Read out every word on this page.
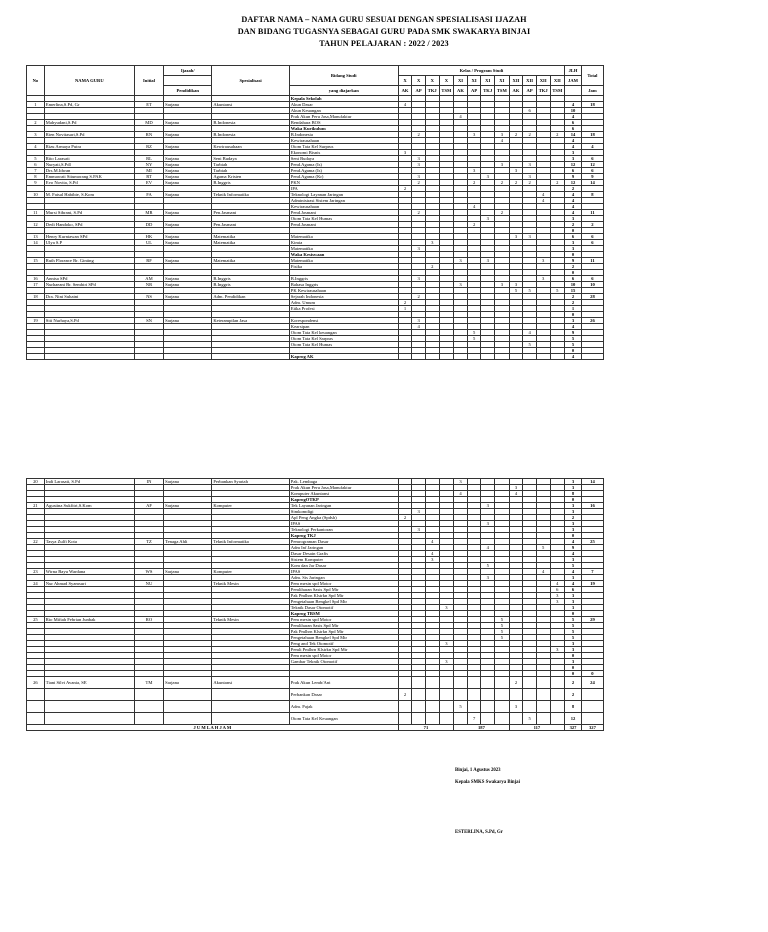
DAFTAR NAMA – NAMA GURU SESUAI DENGAN SPESIALISASI IJAZAH
DAN BIDANG TUGASNYA SEBAGAI GURU PADA SMK SWAKARYA BINJAI
TAHUN PELAJARAN : 2022 / 2023
No	NAMA GURU	Initial	Ijazah/	Spesialisasi	Bidang Studi	Kelas / Program Studi												JLH	Total
						X	X	X	X	XI	XI	XI	XI	XII	XII	XII	XII	JAM	
			Pendidikan		yang diajarkan	AK	AP	TKJ	TSM	AK	AP	TKJ	TSM	AK	AP	TKJ	TSM		Jam
					Kepala Sekolah														
1	Emerlina,S.Pd, Gr	ET	Sarjana	Akuntansi	Akun Dasar	4												4	18
					Akun Keuangan										6			10	
					Prak Akun Peru Jasa,Manufaktur					4								4	
2	Mahyudani,S.Pd	MD	Sarjana	B.Indonesia	Bendahara BOS													6	
					Waka Kurikulum													6	
3	Rien Novitasari,S.Pd	RN	Sarjana	B.Indonesia	B.Indonesia		2				3		3	2	2		2	14	18
					Kewirausahaan								4					4	
4	Rizu Armaya Putra	RZ	Sarjana	Kewirausahaan	Otom Tata Kel Surprus													4	4
					Ekonomi Bisnis	3												3	
5	Rito Larasati	RL	Sarjana	Seni Budaya	Seni Budaya		3											3	6
6	Nuryati,S.Pdl	NY	Sarjana	Tarbiah	Pend.Agama (Is)		3						3		3			12	12
7	Drs.M.Idwan	MI	Sarjana	Tarbiah	Pend.Agama (Is)						3			3				6	6
8	Emmawati Situmorang S.PAK	RT	Sarjana	Agama Kristen	Pend.Agama (Kr)		3					3			3			9	9
9	Evo Novita, S.Pd	EV	Sarjana	B.Inggris	PKN		2				2		2	2	2		2	12	14
					IPA	2												2	
10	M. Faisal Habibie, S.Kom	FA	Sarjana	Teknik Informatika	Teknologi Layanan Jaringan											4		4	8
					Administrasi Sistem Jaringan											4		4	
					Kewirausahaan						4							4	
11	Mursi Sibrani, S.Pd	MR	Sarjana	Pen.Jasmani	Pend.Jasmani		2						2					4	11
					Otom Tata Kel Humas							3						3	
12	Dedi Handoko, SPd	DD	Sarjana	Pen.Jasmani	Pend.Jasmani						2							2	2
																		0	
13	Henry Kurniawan SPd	HK	Sarjana	Matematika	Matematika									3	3			6	6
14	Ulya S.P	UL	Sarjana	Matematika	Kimia			3										3	6
					Matematika		3											3	
					Waka Kesiswaan													0	
15	Ruth Florance Br. Ginting	RF	Sarjana	Matematika	Matematika					3		3				3		9	11
					Fisika			2										2	
																		0	
16	Annisa SPd	AM	Sarjana	B.Inggris	B.Inggris		3									3		6	6
17	Nurhaeani Br. Sembiri SPd	NR	Sarjana	B.Inggris	Bahasa Inggris					3			3	3				10	10
					PK Kewirausahaan									5	5		5	15	
18	Dra. Nini Suhaini	NS	Sarjana	Adm. Pendidikan	Sejarah Indonesia		2											2	28
					Adm. Umum	2												2	
					Etika Profesi	1												1	
																		0	
19	Siti Nurhaya,S.Pd	SN	Sarjana	Keterampilan Jasa	Korespondensi		3											3	26
					Kearsipan		4											4	
					Otom Tata Kel keuangan						5				4			9	
					Otom Tata Kel Sarpras						5							5	
					Otom Tata Kel Humas										5			5	
																		0	
					Kaprog AK													4	
20	Indi Larasati, S.Pd	IN	Sarjana	Perbankan Syariah	Pak. Lembaga					3								3	14
					Prak Akun Peru Jasa,Manufaktur									3				3	
					Komputer Akuntansi					4				4				8	
					KaprogOTKP													0	
21	Agustina Sukfitri,S.Kom	AF	Sarjana	Komputer	Tek Layanan Jaringan							3						3	16
					Simkomdigi		3											3	
					Apl Peng Angka (Spdsh)	2												2	
					IPAS							3						3	
					Teknologi Perkantoran		3											3	
					Kaprog TKJ													0	
22	Tasya Zulfi Kota	TZ	Tenaga Ahli	Teknik Informatika	Pemrograman Dasar			4										4	25
					Adm Inf Jaringan							4				5		9	
					Dasar Desain Grafis			4										4	
					Sistem Komputer			3										3	
					Kom dan Jar Dasar							5						5	
23	Wirna Bayu Wardana	WS	Sarjana	Komputer	IPAS											4		4	7
					Adm. Sis Jaringan							3						3	
24	Nur Ahmad Syamsuri	NU		Teknik Mesin	Pem mesin spd Motor												4	4	19
					Pemliharan Sasis Spd Mtr												6	6	
					Pak Pmlhrn Klstrkn Spd Mtr												3	3	
					Pengetahuan Bengkel Spd Mtr												3	3	
					Teknik Dasar Otomotif				3									3	
					Kaprog TBSM													0	
25	Rio Miftah Febrian Junbak	RO		Teknik Mesin	Pem mesin spd Motor								5					5	29
					Pemliharan Sasis Spd Mtr								5					5	
					Pak Pmlhrn Klstrkn Spd Mtr								5					5	
					Pengetahuan Bengkel Spd Mtr								5					5	
					Peng and Tek Otomotif				3									3	
					Pemli Pmlhrn Klstrkn Spd Mtr												3	3	
					Pem mesin spd Motor													0	
					Gambar Teknik Otomotif				3									3	
																		0	
																		0	0
26	Tiani Silvi Avania, SE	TM	Sarjana	Akuntansi	Prak Akun Lemb/Ant									2				2	24
					Perbankan Dasar	2												2	
					Adm. Pajak					5				3				8	
					Otom Tata Kel Keuangan						7				5			12	
J U M L A H J A M						71				187				117				327	327
Binjai, 1 Agustus 2023
Kepala SMKS Swakarya Binjai
ESTERLINA, S.Pd, Gr
